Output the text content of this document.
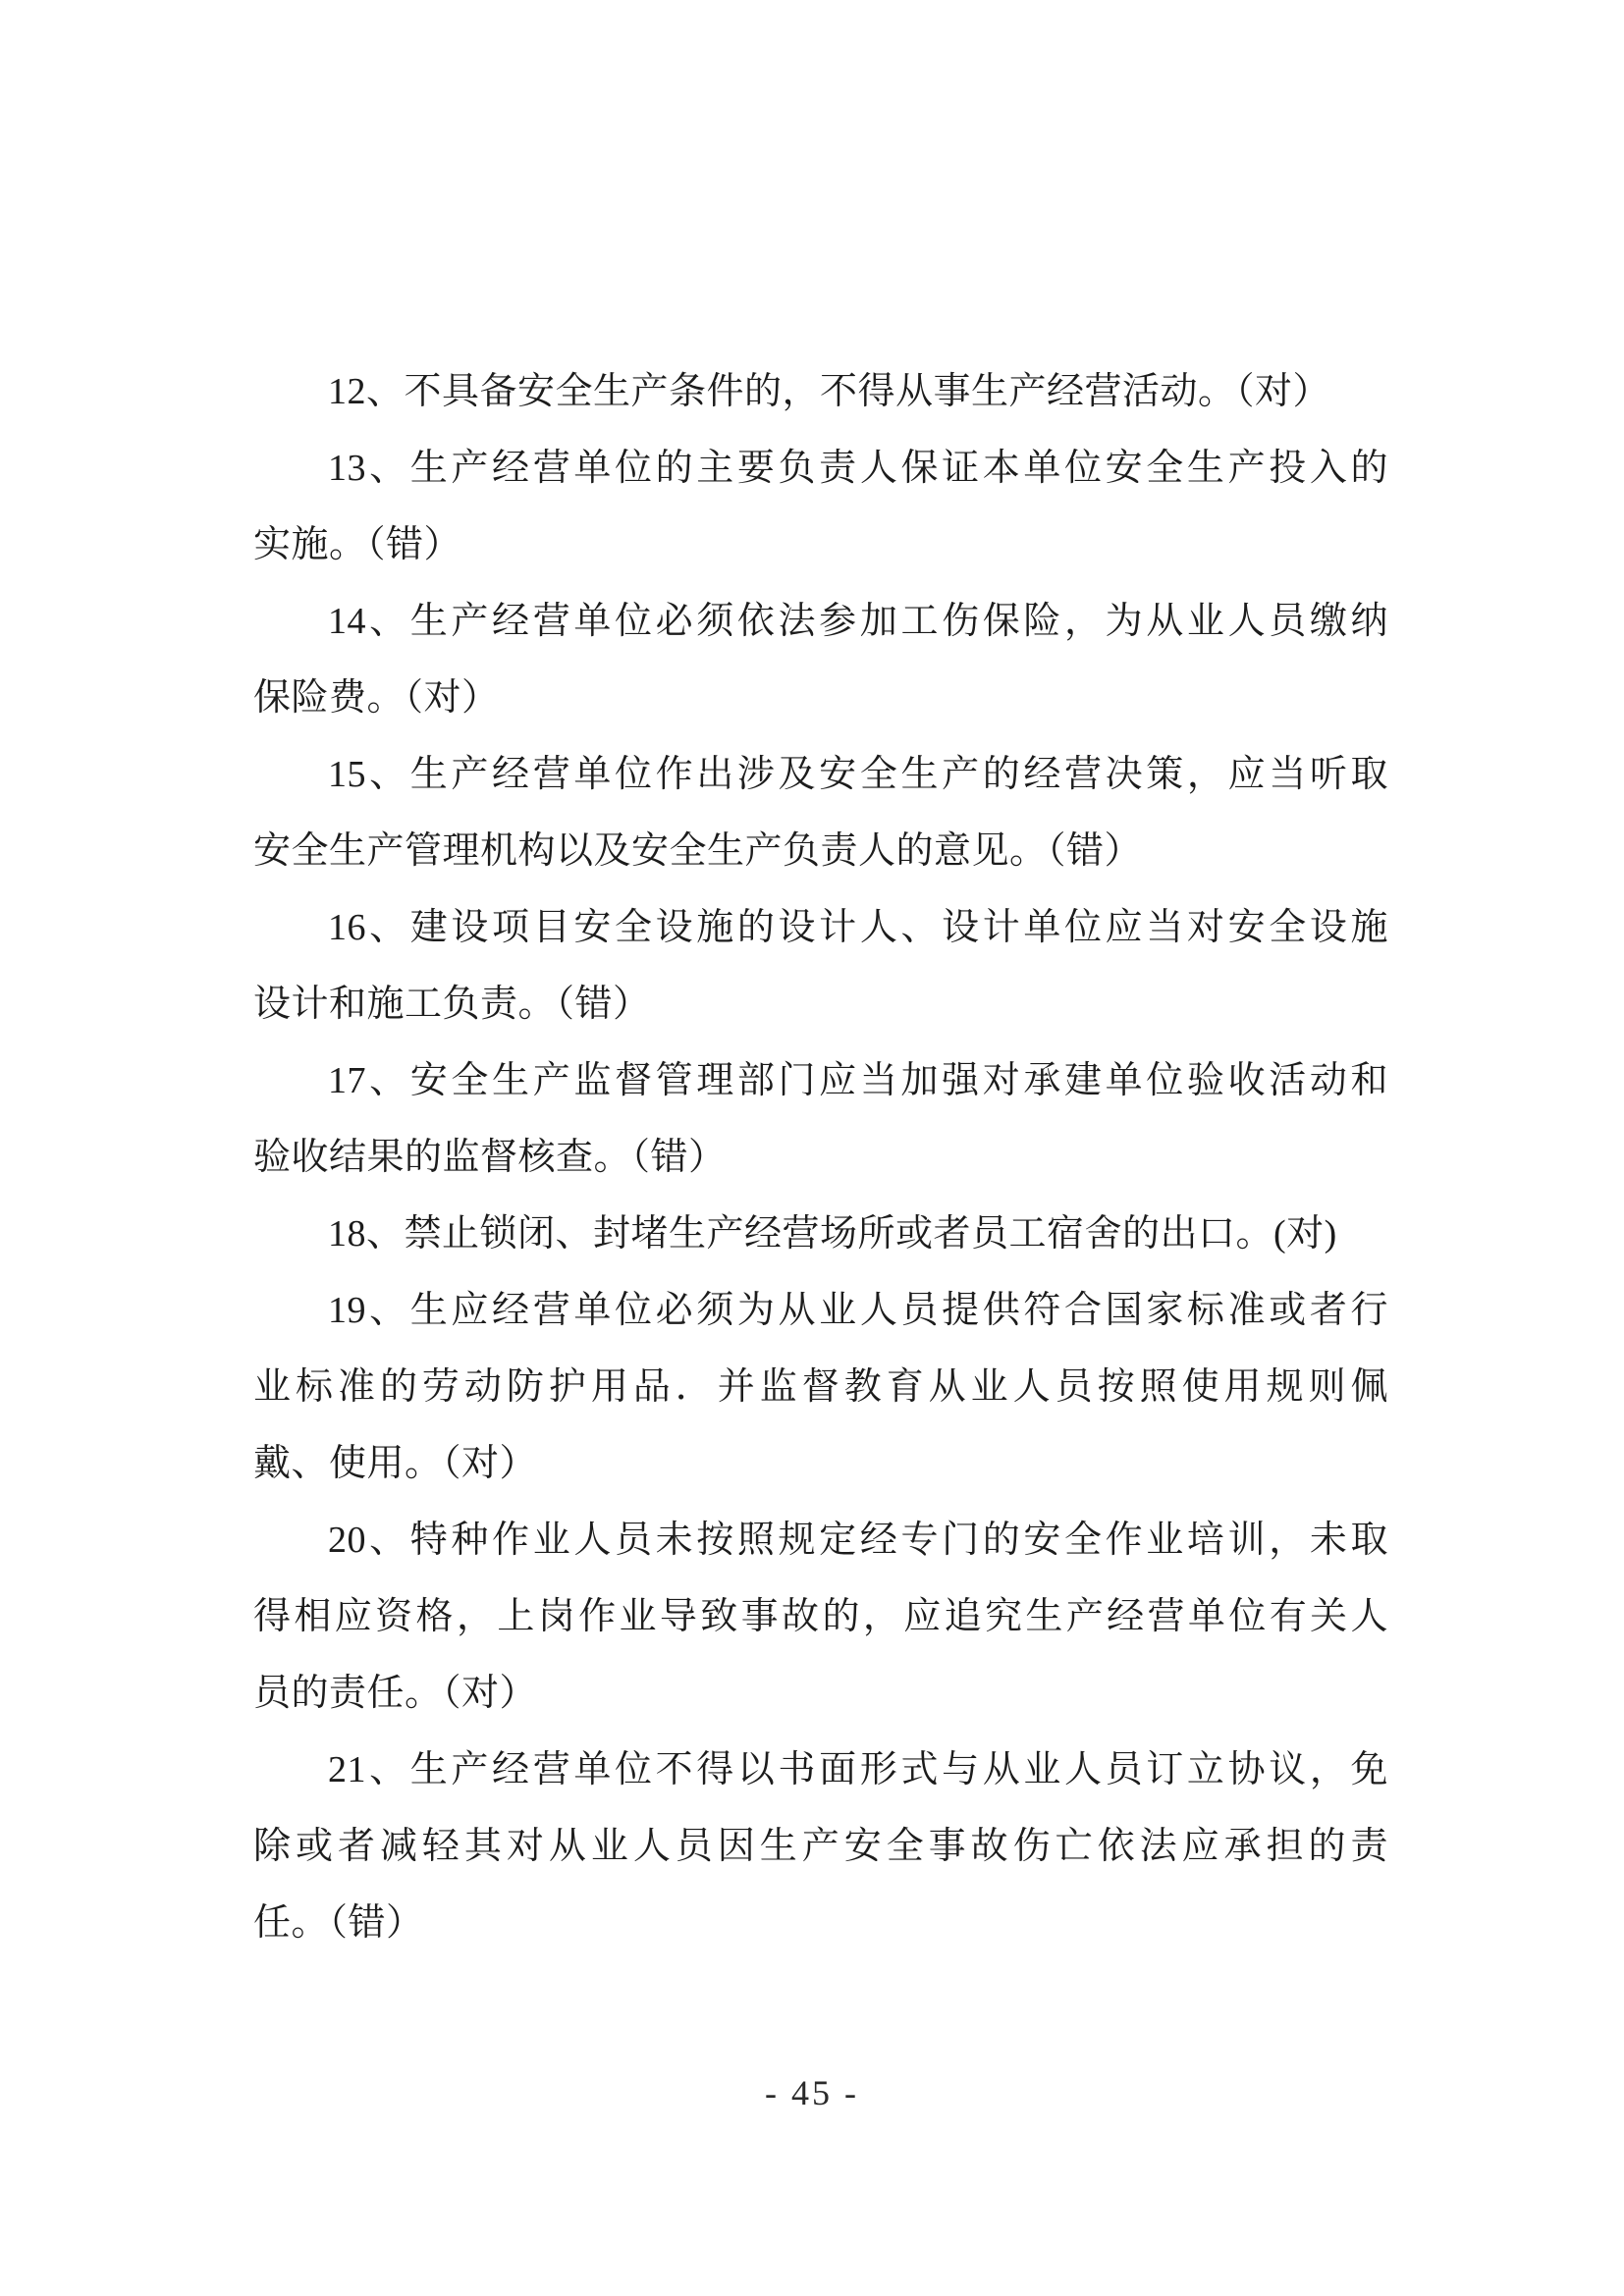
12、不具备安全生产条件的，不得从事生产经营活动。（对）
13、生产经营单位的主要负责人保证本单位安全生产投入的
实施。（错）
14、生产经营单位必须依法参加工伤保险，为从业人员缴纳
保险费。（对）
15、生产经营单位作出涉及安全生产的经营决策，应当听取
安全生产管理机构以及安全生产负责人的意见。（错）
16、建设项目安全设施的设计人、设计单位应当对安全设施
设计和施工负责。（错）
17、安全生产监督管理部门应当加强对承建单位验收活动和
验收结果的监督核查。（错）
18、禁止锁闭、封堵生产经营场所或者员工宿舍的出口。(对)
19、生应经营单位必须为从业人员提供符合国家标准或者行
业标准的劳动防护用品．并监督教育从业人员按照使用规则佩
戴、使用。（对）
20、特种作业人员未按照规定经专门的安全作业培训，未取
得相应资格，上岗作业导致事故的，应追究生产经营单位有关人
员的责任。（对）
21、生产经营单位不得以书面形式与从业人员订立协议，免
除或者减轻其对从业人员因生产安全事故伤亡依法应承担的责
任。（错）
- 45 -
